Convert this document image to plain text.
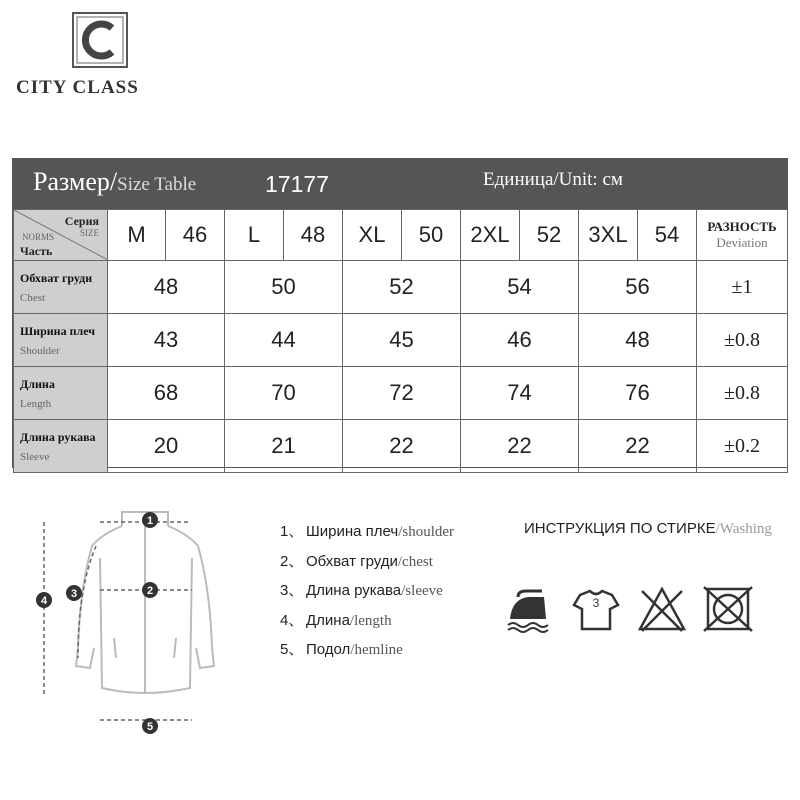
CITY CLASS
Размер/Size Table	17177	Единица/Unit: см
Серия
SIZE
NORMS
Часть	M	46	L	48	XL	50	2XL	52	3XL	54	РАЗНОСТЬ
Deviation

Обхват груди
Chest	48		50		52		54		56		±1

Ширина плеч
Shoulder	43		44		45		46		48		±0.8

Длина
Length	68		70		72		74		76		±0.8

Длина рукава
Sleeve	20		21		22		22		22		±0.2
1
2
3
4
5
1、 Ширина плеч/shoulder
2、 Обхват груди/chest
3、 Длина рукава/sleeve
4、 Длина/length
5、 Подол/hemline
ИНСТРУКЦИЯ ПО СТИРКЕ/Washing
3
